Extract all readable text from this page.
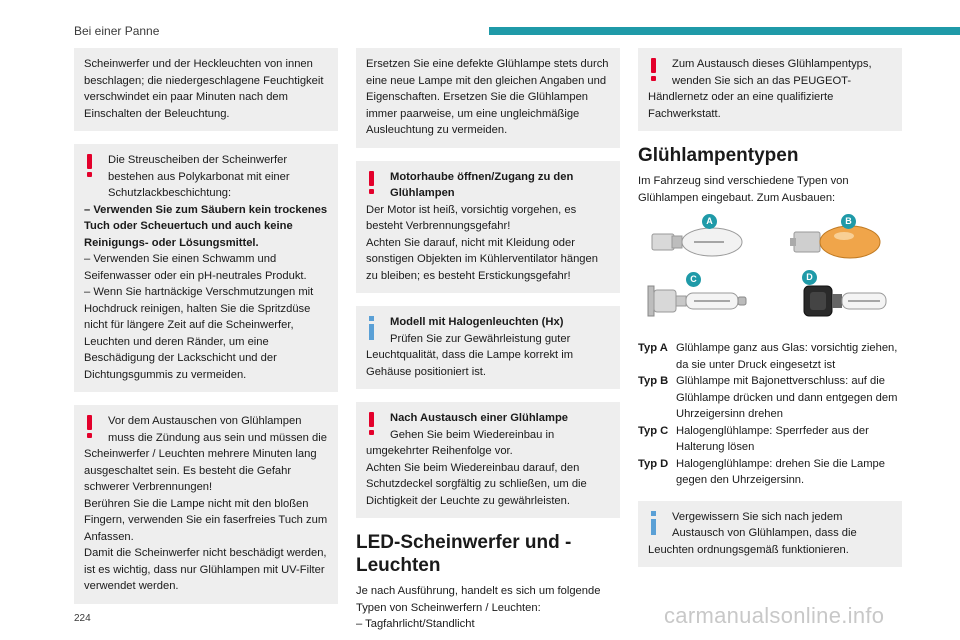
Bei einer Panne

Scheinwerfer und der Heckleuchten von innen beschlagen; die niedergeschlagene Feuchtigkeit verschwindet ein paar Minuten nach dem Einschalten der Beleuchtung.

Die Streuscheiben der Scheinwerfer bestehen aus Polykarbonat mit einer Schutzlackbeschichtung:

– Verwenden Sie zum Säubern kein trockenes Tuch oder Scheuertuch und auch keine Reinigungs- oder Lösungsmittel.

– Verwenden Sie einen Schwamm und Seifenwasser oder ein pH-neutrales Produkt.

– Wenn Sie hartnäckige Verschmutzungen mit Hochdruck reinigen, halten Sie die Spritzdüse nicht für längere Zeit auf die Scheinwerfer, Leuchten und deren Ränder, um eine Beschädigung der Lackschicht und der Dichtungsgummis zu vermeiden.

Vor dem Austauschen von Glühlampen muss die Zündung aus sein und müssen die

Scheinwerfer / Leuchten mehrere Minuten lang ausgeschaltet sein. Es besteht die Gefahr schwerer Verbrennungen!

Berühren Sie die Lampe nicht mit den bloßen Fingern, verwenden Sie ein faserfreies Tuch zum Anfassen.

Damit die Scheinwerfer nicht beschädigt werden, ist es wichtig, dass nur Glühlampen mit UV-Filter verwendet werden.

Ersetzen Sie eine defekte Glühlampe stets durch eine neue Lampe mit den gleichen Angaben und Eigenschaften. Ersetzen Sie die Glühlampen immer paarweise, um eine ungleichmäßige Ausleuchtung zu vermeiden.

Motorhaube öffnen/Zugang zu den Glühlampen

Der Motor ist heiß, vorsichtig vorgehen, es besteht Verbrennungsgefahr!

Achten Sie darauf, nicht mit Kleidung oder sonstigen Objekten im Kühlerventilator hängen zu bleiben; es besteht Erstickungsgefahr!

Modell mit Halogenleuchten (Hx)

Prüfen Sie zur Gewährleistung guter

Leuchtqualität, dass die Lampe korrekt im Gehäuse positioniert ist.

Nach Austausch einer Glühlampe

Gehen Sie beim Wiedereinbau in

umgekehrter Reihenfolge vor.

Achten Sie beim Wiedereinbau darauf, den Schutzdeckel sorgfältig zu schließen, um die Dichtigkeit der Leuchte zu gewährleisten.

LED-Scheinwerfer und -Leuchten

Je nach Ausführung, handelt es sich um folgende Typen von Scheinwerfern / Leuchten:

– Tagfahrlicht/Standlicht

Zum Austausch dieses Glühlampentyps, wenden Sie sich an das PEUGEOT-

Händlernetz oder an eine qualifizierte Fachwerkstatt.

Glühlampentypen

Im Fahrzeug sind verschiedene Typen von Glühlampen eingebaut. Zum Ausbauen:

A	B
C	D
Typ A Glühlampe ganz aus Glas: vorsichtig ziehen, da sie unter Druck eingesetzt ist
Typ B Glühlampe mit Bajonettverschluss: auf die Glühlampe drücken und dann entgegen dem Uhrzeigersinn drehen
Typ C Halogenglühlampe: Sperrfeder aus der Halterung lösen
Typ D Halogenglühlampe: drehen Sie die Lampe gegen den Uhrzeigersinn.

Vergewissern Sie sich nach jedem Austausch von Glühlampen, dass die

Leuchten ordnungsgemäß funktionieren.

224	carmanualsonline.info
